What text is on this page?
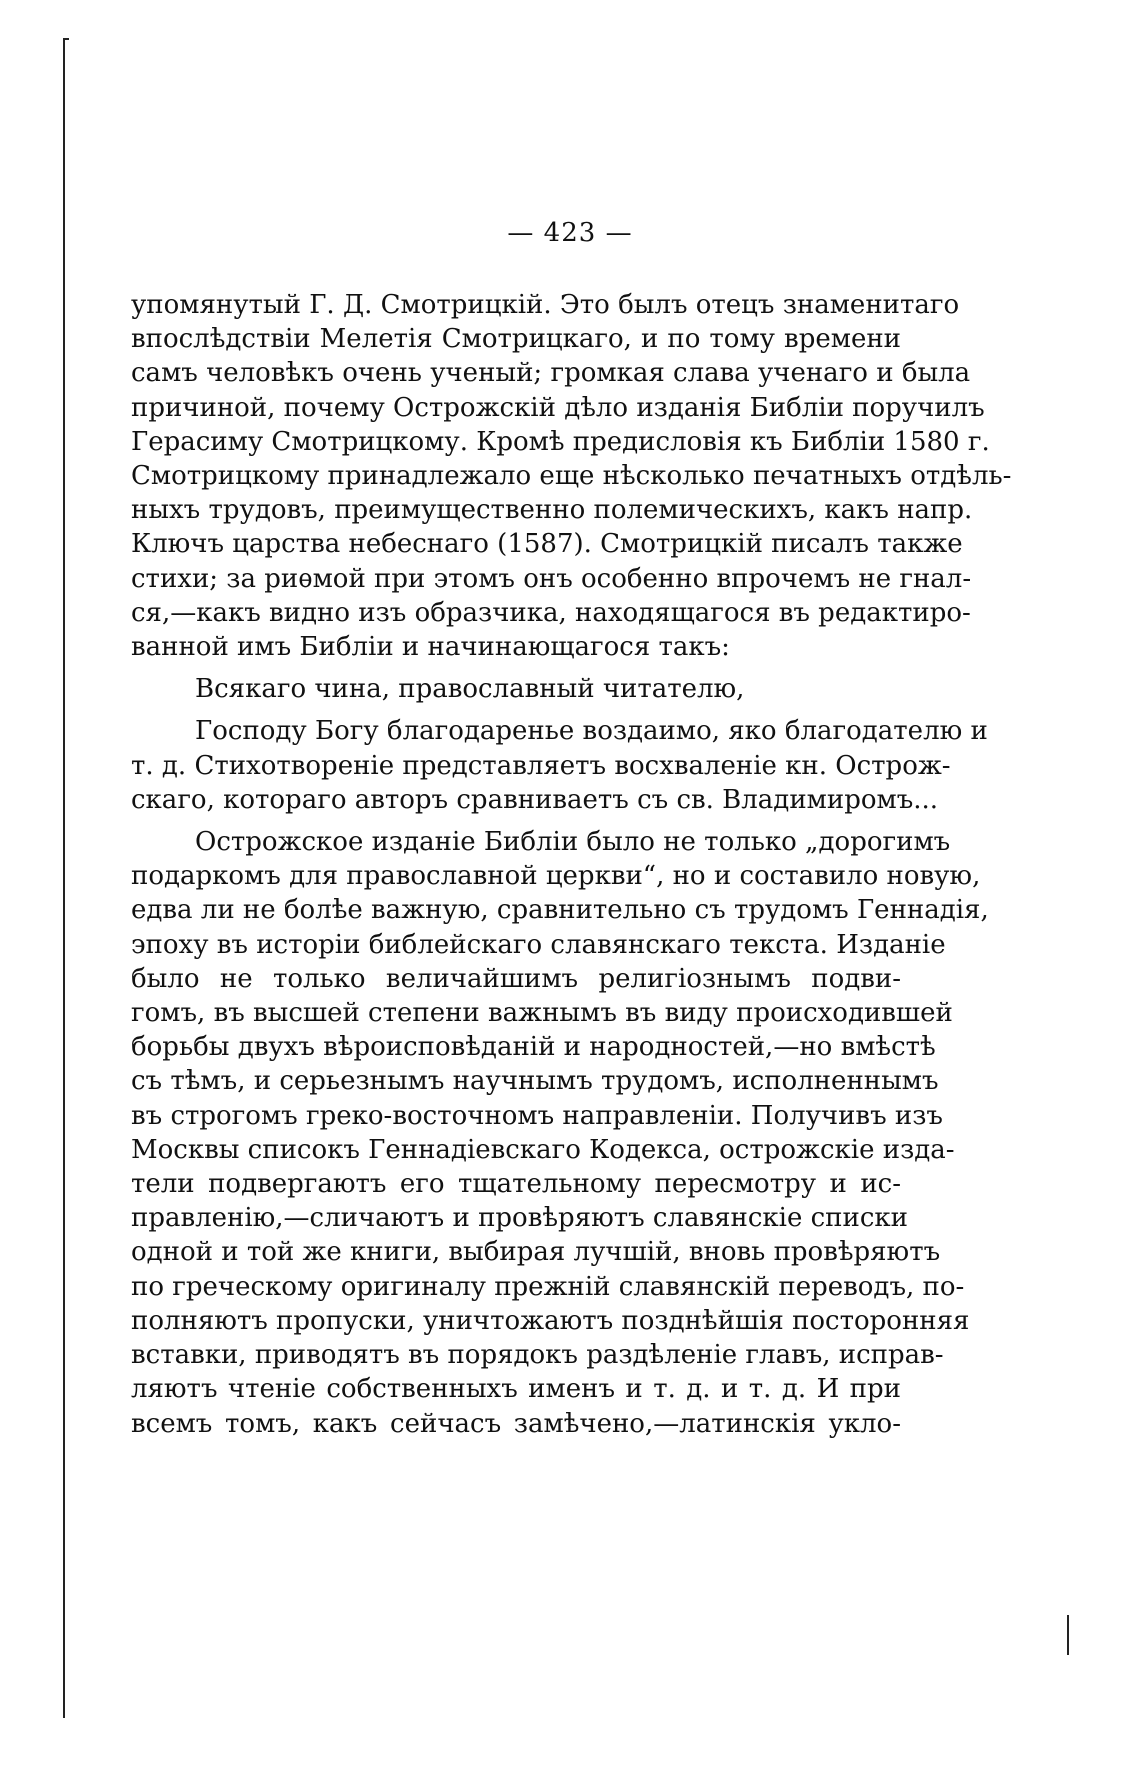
— 423 —
упомянутый Г. Д. Смотрицкій. Это былъ отецъ знаменитаго
впослѣдствіи Мелетія Смотрицкаго, и по тому времени
самъ человѣкъ очень ученый; громкая слава ученаго и была
причиной, почему Острожскій дѣло изданія Библіи поручилъ
Герасиму Смотрицкому. Кромѣ предисловія къ Библіи 1580 г.
Смотрицкому принадлежало еще нѣсколько печатныхъ отдѣль-
ныхъ трудовъ, преимущественно полемическихъ, какъ напр.
Ключъ царства небеснаго (1587). Смотрицкій писалъ также
стихи; за риѳмой при этомъ онъ особенно впрочемъ не гнал-
ся,—какъ видно изъ образчика, находящагося въ редактиро-
ванной имъ Библіи и начинающагося такъ:
Всякаго чина, православный читателю,
Господу Богу благодаренье воздаимо, яко благодателю и
т. д. Стихотвореніе представляетъ восхваленіе кн. Острож-
скаго, котораго авторъ сравниваетъ съ св. Владимиромъ...
Острожское изданіе Библіи было не только „дорогимъ
подаркомъ для православной церкви“, но и составило новую,
едва ли не болѣе важную, сравнительно съ трудомъ Геннадія,
эпоху въ исторіи библейскаго славянскаго текста. Изданіе
было не только величайшимъ религіознымъ подви-
гомъ, въ высшей степени важнымъ въ виду происходившей
борьбы двухъ вѣроисповѣданій и народностей,—но вмѣстѣ
съ тѣмъ, и серьезнымъ научнымъ трудомъ, исполненнымъ
въ строгомъ греко-восточномъ направленіи. Получивъ изъ
Москвы списокъ Геннадіевскаго Кодекса, острожскіе изда-
тели подвергаютъ его тщательному пересмотру и ис-
правленію,—сличаютъ и провѣряютъ славянскіе списки
одной и той же книги, выбирая лучшій, вновь провѣряютъ
по греческому оригиналу прежній славянскій переводъ, по-
полняютъ пропуски, уничтожаютъ позднѣйшія посторонняя
вставки, приводятъ въ порядокъ раздѣленіе главъ, исправ-
ляютъ чтеніе собственныхъ именъ и т. д. и т. д. И при
всемъ томъ, какъ сейчасъ замѣчено,—латинскія укло-
